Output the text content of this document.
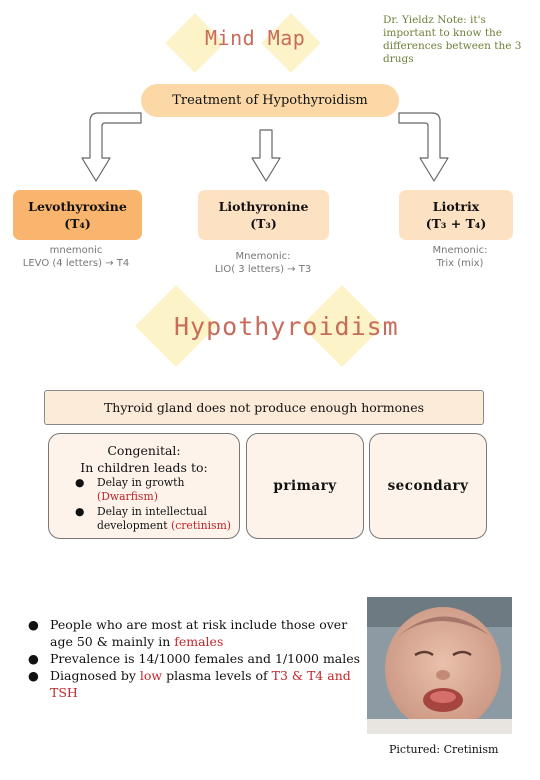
Mind Map
Dr. Yieldz Note: it's important to know the differences between the 3 drugs
Treatment of Hypothyroidism
Levothyroxine
(T₄)
Liothyronine
(T₃)
Liotrix
(T₃ + T₄)
mnemonic
LEVO (4 letters) → T4
Mnemonic:
LIO( 3 letters) → T3
Mnemonic:
Trix (mix)
Hypothyroidism
Thyroid gland does not produce enough hormones
Congenital:
In children leads to:
● Delay in growth
(Dwarfism)
● Delay in intellectual development (cretinism)
primary	secondary
● People who are most at risk include those over age 50 & mainly in females
● Prevalence is 14/1000 females and 1/1000 males
● Diagnosed by low plasma levels of T3 & T4 and TSH
Pictured: Cretinism
